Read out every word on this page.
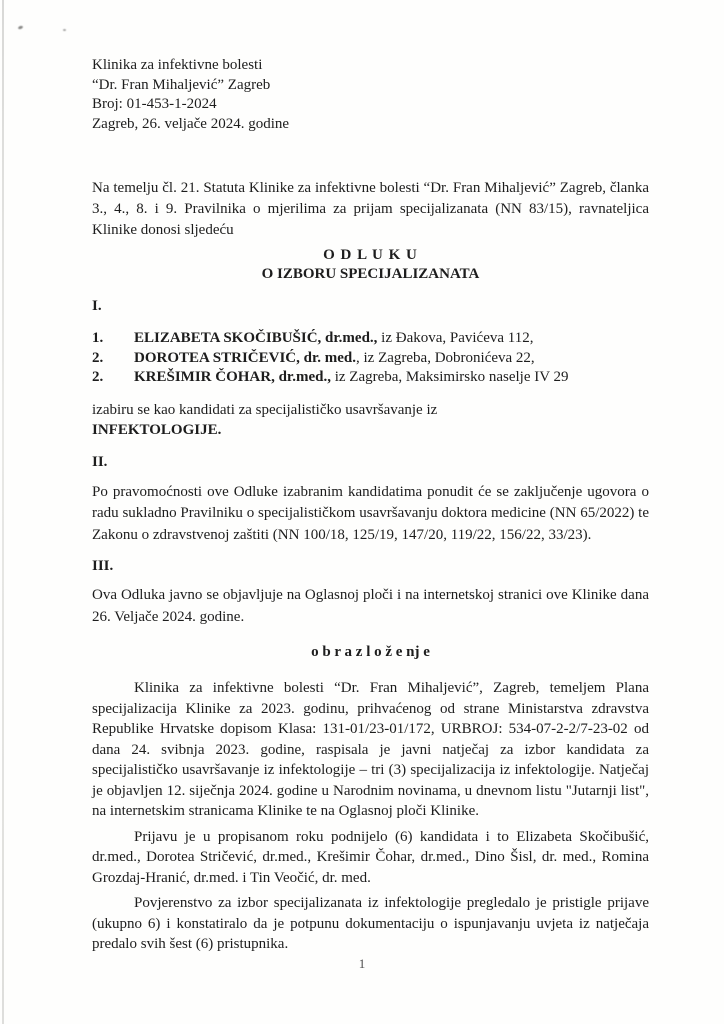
Klinika za infektivne bolesti
“Dr. Fran Mihaljević” Zagreb
Broj: 01-453-1-2024
Zagreb, 26. veljače 2024. godine

Na temelju čl. 21. Statuta Klinike za infektivne bolesti “Dr. Fran Mihaljević” Zagreb, članka 3., 4., 8. i 9. Pravilnika o mjerilima za prijam specijalizanata (NN 83/15), ravnateljica Klinike donosi sljedeću

O D L U K U
O IZBORU SPECIJALIZANATA
I.
1.	ELIZABETA SKOČIBUŠIĆ, dr.med., iz Đakova, Pavićeva 112,
2.	DOROTEA STRIČEVIĆ, dr. med., iz Zagreba, Dobronićeva 22,
2.	KREŠIMIR ČOHAR, dr.med., iz Zagreba, Maksimirsko naselje IV 29

izabiru se kao kandidati za specijalističko usavršavanje iz
INFEKTOLOGIJE.

II.

Po pravomoćnosti ove Odluke izabranim kandidatima ponudit će se zaključenje ugovora o radu sukladno Pravilniku o specijalističkom usavršavanju doktora medicine (NN 65/2022) te Zakonu o zdravstvenoj zaštiti (NN 100/18, 125/19, 147/20, 119/22, 156/22, 33/23).

III.

Ova Odluka javno se objavljuje na Oglasnoj ploči i na internetskoj stranici ove Klinike dana 26. Veljače 2024. godine.

o b r a z l o ž e nj e

Klinika za infektivne bolesti “Dr. Fran Mihaljević”, Zagreb, temeljem Plana specijalizacija Klinike za 2023. godinu, prihvaćenog od strane Ministarstva zdravstva Republike Hrvatske dopisom Klasa: 131-01/23-01/172, URBROJ: 534-07-2-2/7-23-02 od dana 24. svibnja 2023. godine, raspisala je javni natječaj za izbor kandidata za specijalističko usavršavanje iz infektologije – tri (3) specijalizacija iz infektologije. Natječaj je objavljen 12. siječnja 2024. godine u Narodnim novinama, u dnevnom listu "Jutarnji list", na internetskim stranicama Klinike te na Oglasnoj ploči Klinike.

Prijavu je u propisanom roku podnijelo (6) kandidata i to Elizabeta Skočibušić, dr.med., Dorotea Stričević, dr.med., Krešimir Čohar, dr.med., Dino Šisl, dr. med., Romina Grozdaj-Hranić, dr.med. i Tin Veočić, dr. med.

Povjerenstvo za izbor specijalizanata iz infektologije pregledalo je pristigle prijave (ukupno 6) i konstatiralo da je potpunu dokumentaciju o ispunjavanju uvjeta iz natječaja predalo svih šest (6) pristupnika.

1
